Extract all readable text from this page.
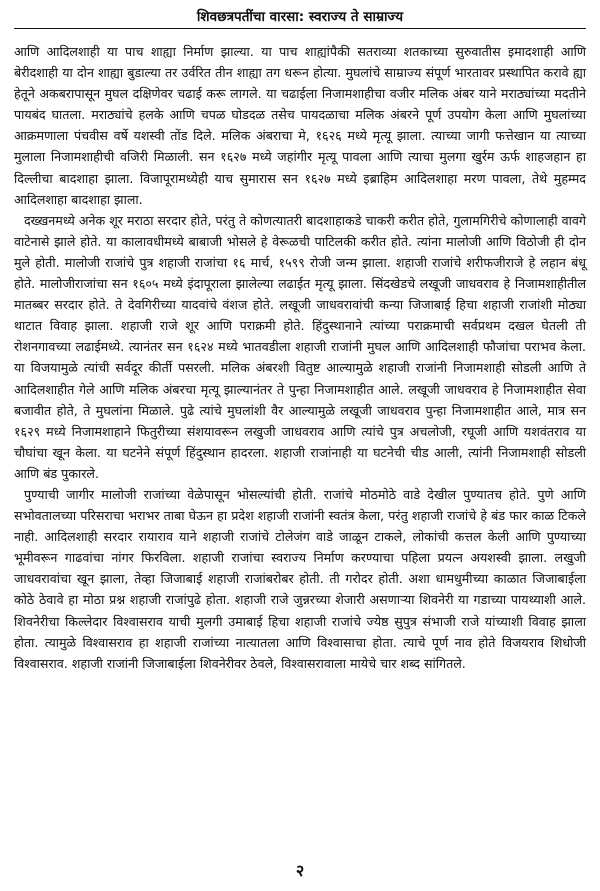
शिवछत्रपतींचा वारसा: स्वराज्य ते साम्राज्य

आणि आदिलशाही या पाच शाह्या निर्माण झाल्या. या पाच शाह्यांपैकी सतराव्या शतकाच्या सुरुवातीस इमादशाही आणि बेरीदशाही या दोन शाह्या बुडाल्या तर उर्वरित तीन शाह्या तग धरून होत्या. मुघलांचे साम्राज्य संपूर्ण भारतावर प्रस्थापित करावे ह्या हेतूने अकबरापासून मुघल दक्षिणेवर चढाई करू लागले. या चढाईला निजामशाहीचा वजीर मलिक अंबर याने मराठ्यांच्या मदतीने पायबंद घातला. मराठ्यांचे हलके आणि चपळ घोडदळ तसेच पायदळाचा मलिक अंबरने पूर्ण उपयोग केला आणि मुघलांच्या आक्रमणाला पंचवीस वर्षे यशस्वी तोंड दिले. मलिक अंबराचा मे, १६२६ मध्ये मृत्यू झाला. त्याच्या जागी फत्तेखान या त्याच्या मुलाला निजामशाहीची वजिरी मिळाली. सन १६२७ मध्ये जहांगीर मृत्यू पावला आणि त्याचा मुलगा खुर्रम ऊर्फ शाहजहान हा दिल्लीचा बादशाहा झाला. विजापूरामध्येही याच सुमारास सन १६२७ मध्ये इब्राहिम आदिलशाहा मरण पावला, तेथे मुहम्मद आदिलशाहा बादशाहा झाला.

दख्खनमध्ये अनेक शूर मराठा सरदार होते, परंतु ते कोणत्यातरी बादशाहाकडे चाकरी करीत होते, गुलामगिरीचे कोणालाही वावगे वाटेनासे झाले होते. या कालावधीमध्ये बाबाजी भोसले हे वेरूळची पाटिलकी करीत होते. त्यांना मालोजी आणि विठोजी ही दोन मुले होती. मालोजी राजांचे पुत्र शहाजी राजांचा १६ मार्च, १५९९ रोजी जन्म झाला. शहाजी राजांचे शरीफजीराजे हे लहान बंधू होते. मालोजीराजांचा सन १६०५ मध्ये इंदापूराला झालेल्या लढाईत मृत्यू झाला. सिंदखेडचे लखूजी जाधवराव हे निजामशाहीतील मातब्बर सरदार होते. ते देवगिरीच्या यादवांचे वंशज होते. लखूजी जाधवरावांची कन्या जिजाबाई हिचा शहाजी राजांशी मोठ्या थाटात विवाह झाला. शहाजी राजे शूर आणि पराक्रमी होते. हिंदुस्थानाने त्यांच्या पराक्रमाची सर्वप्रथम दखल घेतली ती रोशनगावच्या लढाईमध्ये. त्यानंतर सन १६२४ मध्ये भातवडीला शहाजी राजांनी मुघल आणि आदिलशाही फौजांचा पराभव केला. या विजयामुळे त्यांची सर्वदूर कीर्ती पसरली. मलिक अंबरशी वितुष्ट आल्यामुळे शहाजी राजांनी निजामशाही सोडली आणि ते आदिलशाहीत गेले आणि मलिक अंबरचा मृत्यू झाल्यानंतर ते पुन्हा निजामशाहीत आले. लखूजी जाधवराव हे निजामशाहीत सेवा बजावीत होते, ते मुघलांना मिळाले. पुढे त्यांचे मुघलांशी वैर आल्यामुळे लखूजी जाधवराव पुन्हा निजामशाहीत आले, मात्र सन १६२९ मध्ये निजामशाहाने फितुरीच्या संशयावरून लखुजी जाधवराव आणि त्यांचे पुत्र अचलोजी, रघूजी आणि यशवंतराव या चौघांचा खून केला. या घटनेने संपूर्ण हिंदुस्थान हादरला. शहाजी राजांनाही या घटनेची चीड आली, त्यांनी निजामशाही सोडली आणि बंड पुकारले.

पुण्याची जागीर मालोजी राजांच्या वेळेपासून भोसल्यांची होती. राजांचे मोठमोठे वाडे देखील पुण्यातच होते. पुणे आणि सभोवतालच्या परिसराचा भराभर ताबा घेऊन हा प्रदेश शहाजी राजांनी स्वतंत्र केला, परंतु शहाजी राजांचे हे बंड फार काळ टिकले नाही. आदिलशाही सरदार रायाराव याने शहाजी राजांचे टोलेजंग वाडे जाळून टाकले, लोकांची कत्तल केली आणि पुण्याच्या भूमीवरून गाढवांचा नांगर फिरविला. शहाजी राजांचा स्वराज्य निर्माण करण्याचा पहिला प्रयत्न अयशस्वी झाला. लखुजी जाधवरावांचा खून झाला, तेव्हा जिजाबाई शहाजी राजांबरोबर होती. ती गरोदर होती. अशा धामधुमीच्या काळात जिजाबाईला कोठे ठेवावे हा मोठा प्रश्न शहाजी राजांपुढे होता. शहाजी राजे जुन्नरच्या शेजारी असणाऱ्या शिवनेरी या गडाच्या पायथ्याशी आले. शिवनेरीचा किल्लेदार विश्वासराव याची मुलगी उमाबाई हिचा शहाजी राजांचे ज्येष्ठ सुपुत्र संभाजी राजे यांच्याशी विवाह झाला होता. त्यामुळे विश्वासराव हा शहाजी राजांच्या नात्यातला आणि विश्वासाचा होता. त्याचे पूर्ण नाव होते विजयराव शिधोजी विश्वासराव. शहाजी राजांनी जिजाबाईला शिवनेरीवर ठेवले, विश्वासरावाला मायेचे चार शब्द सांगितले.

२
